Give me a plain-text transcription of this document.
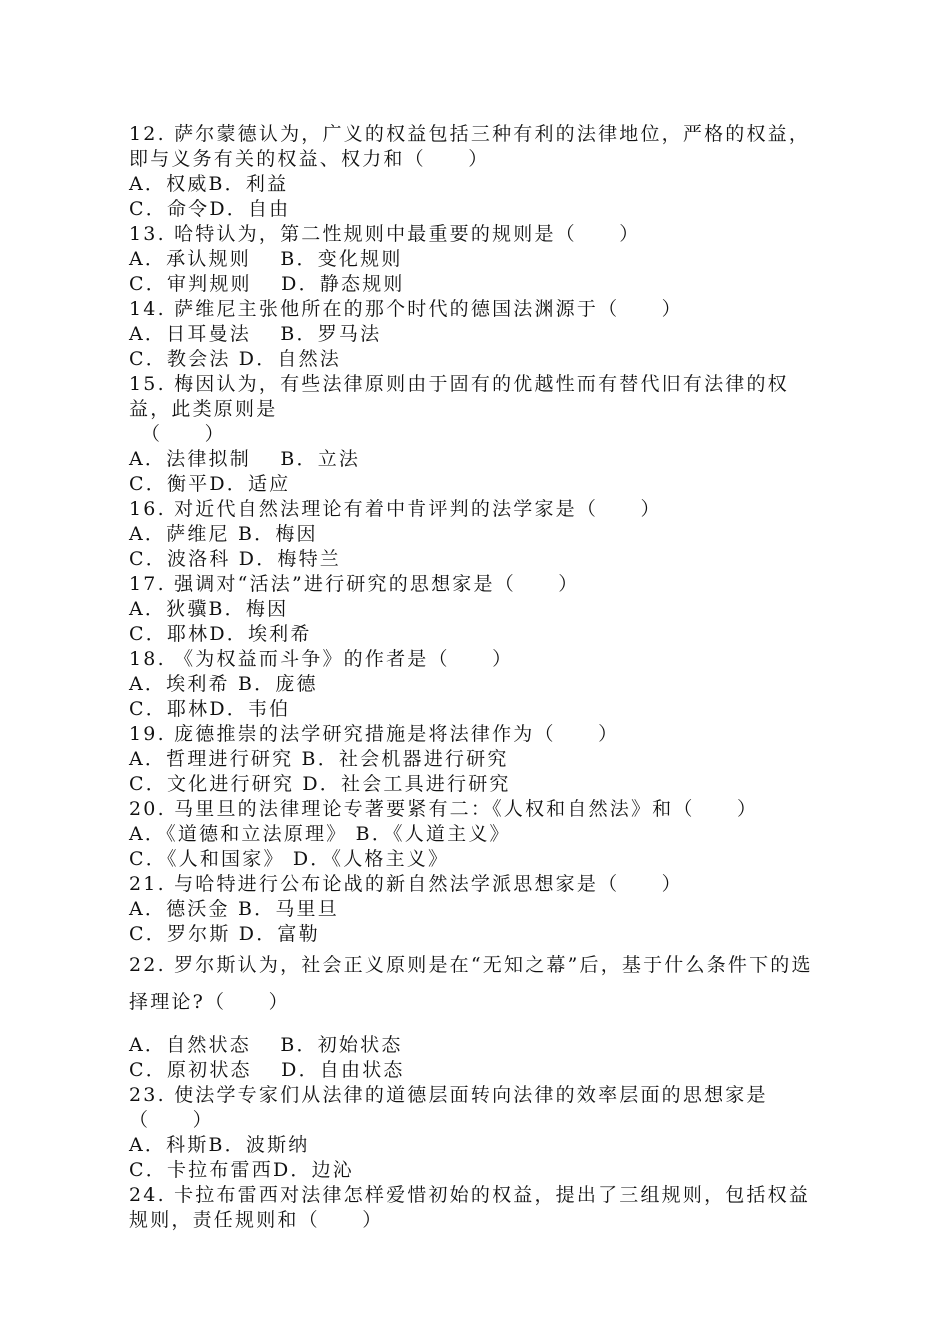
12. 萨尔蒙德认为，广义的权益包括三种有利的法律地位，严格的权益，即与义务有关的权益、权力和（　　）
A．权威B．利益
C．命令D．自由
13. 哈特认为，第二性规则中最重要的规则是（　　）
A．承认规则　 B．变化规则
C．审判规则　 D．静态规则
14. 萨维尼主张他所在的那个时代的德国法渊源于（　　）
A．日耳曼法　 B．罗马法
C．教会法 D．自然法
15. 梅因认为，有些法律原则由于固有的优越性而有替代旧有法律的权益，此类原则是
（　　）
A．法律拟制　 B．立法
C．衡平D．适应
16. 对近代自然法理论有着中肯评判的法学家是（　　）
A．萨维尼 B．梅因
C．波洛科 D．梅特兰
17. 强调对“活法”进行研究的思想家是（　　）
A．狄骥B．梅因
C．耶林D．埃利希
18. 《为权益而斗争》的作者是（　　）
A．埃利希 B．庞德
C．耶林D．韦伯
19. 庞德推崇的法学研究措施是将法律作为（　　）
A．哲理进行研究 B．社会机器进行研究
C．文化进行研究 D．社会工具进行研究
20. 马里旦的法律理论专著要紧有二：《人权和自然法》和（　　）
A．《道德和立法原理》 B．《人道主义》
C．《人和国家》 D．《人格主义》
21. 与哈特进行公布论战的新自然法学派思想家是（　　）
A．德沃金 B．马里旦
C．罗尔斯 D．富勒
22. 罗尔斯认为，社会正义原则是在“无知之幕”后，基于什么条件下的选择理论?（　　）
A．自然状态　 B．初始状态
C．原初状态　 D．自由状态
23. 使法学专家们从法律的道德层面转向法律的效率层面的思想家是（　　）
A．科斯B．波斯纳
C．卡拉布雷西D．边沁
24. 卡拉布雷西对法律怎样爱惜初始的权益，提出了三组规则，包括权益规则，责任规则和（　　）
